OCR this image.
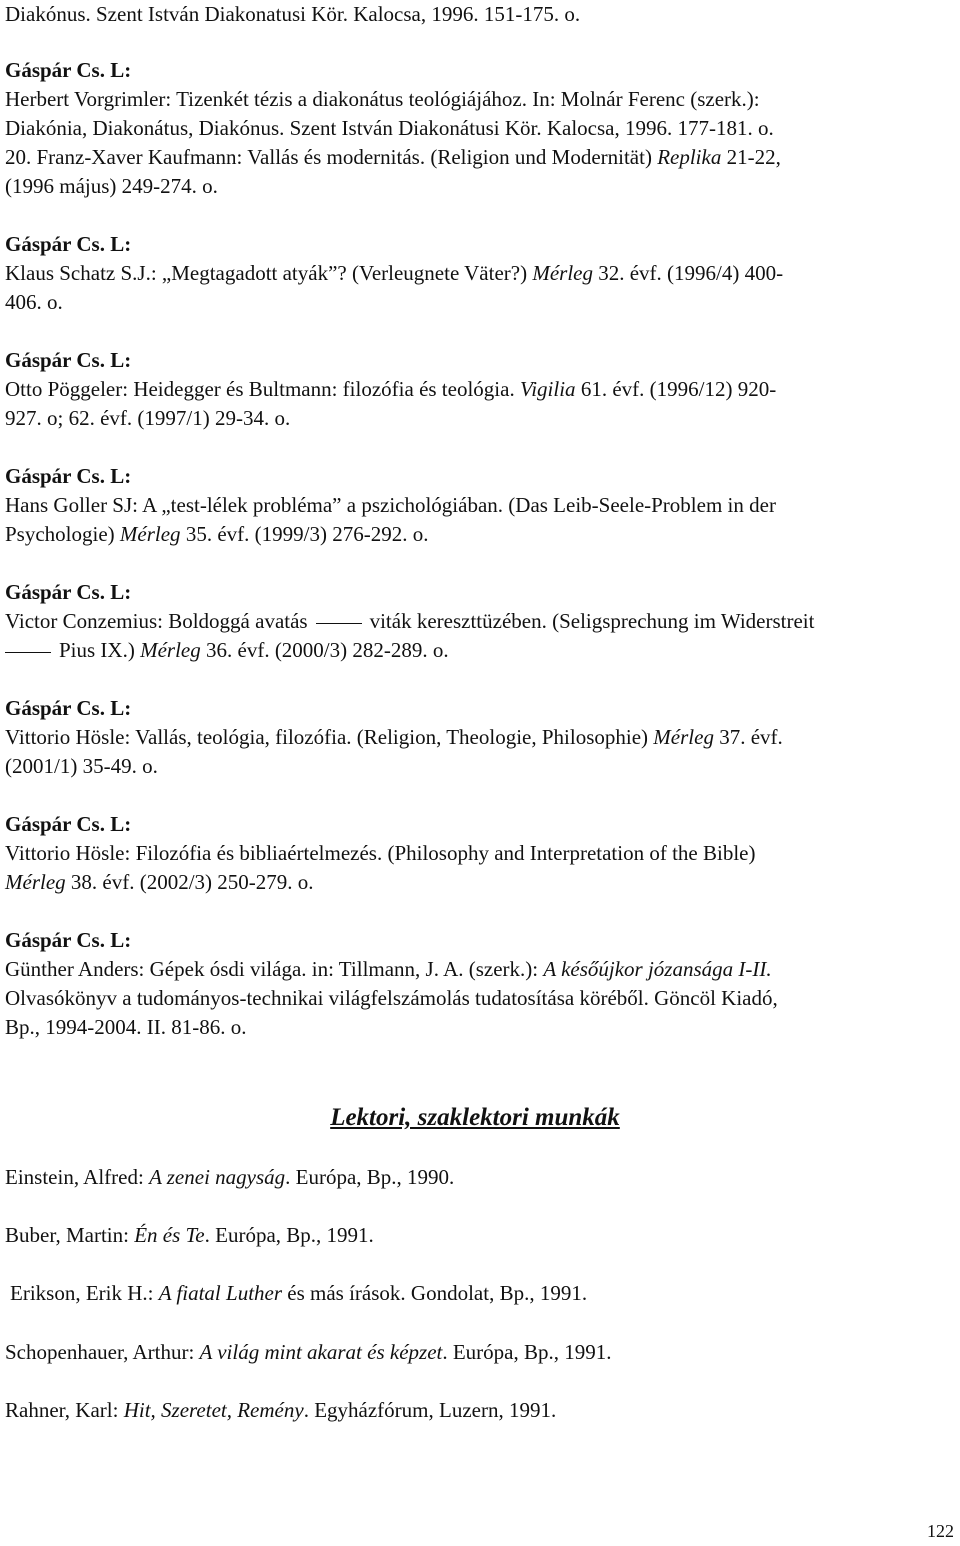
Diakónus. Szent István Diakonatusi Kör. Kalocsa, 1996. 151-175. o.
Gáspár Cs. L:
Herbert Vorgrimler: Tizenkét tézis a diakonátus teológiájához. In: Molnár Ferenc (szerk.):
Diakónia, Diakonátus, Diakónus. Szent István Diakonátusi Kör. Kalocsa, 1996. 177-181. o.
20. Franz-Xaver Kaufmann: Vallás és modernitás. (Religion und Modernität) Replika 21-22,
(1996 május) 249-274. o.
Gáspár Cs. L:
Klaus Schatz S.J.: „Megtagadott atyák”? (Verleugnete Väter?) Mérleg 32. évf. (1996/4) 400-
406. o.
Gáspár Cs. L:
Otto Pöggeler: Heidegger és Bultmann: filozófia és teológia. Vigilia 61. évf. (1996/12) 920-
927. o; 62. évf. (1997/1) 29-34. o.
Gáspár Cs. L:
Hans Goller SJ: A „test-lélek probléma” a pszichológiában. (Das Leib-Seele-Problem in der
Psychologie) Mérleg 35. évf. (1999/3) 276-292. o.
Gáspár Cs. L:
Victor Conzemius: Boldoggá avatás	viták kereszttüzében. (Seligsprechung im Widerstreit
Pius IX.) Mérleg 36. évf. (2000/3) 282-289. o.
Gáspár Cs. L:
Vittorio Hösle: Vallás, teológia, filozófia. (Religion, Theologie, Philosophie) Mérleg 37. évf.
(2001/1) 35-49. o.
Gáspár Cs. L:
Vittorio Hösle: Filozófia és bibliaértelmezés. (Philosophy and Interpretation of the Bible)
Mérleg 38. évf. (2002/3) 250-279. o.
Gáspár Cs. L:
Günther Anders: Gépek ósdi világa. in: Tillmann, J. A. (szerk.): A későújkor józansága I-II.
Olvasókönyv a tudományos-technikai világfelszámolás tudatosítása köréből. Göncöl Kiadó,
Bp., 1994-2004. II. 81-86. o.
Lektori, szaklektori munkák
Einstein, Alfred: A zenei nagyság. Európa, Bp., 1990.
Buber, Martin: Én és Te. Európa, Bp., 1991.
Erikson, Erik H.: A fiatal Luther és más írások. Gondolat, Bp., 1991.
Schopenhauer, Arthur: A világ mint akarat és képzet. Európa, Bp., 1991.
Rahner, Karl: Hit, Szeretet, Remény. Egyházfórum, Luzern, 1991.
122
